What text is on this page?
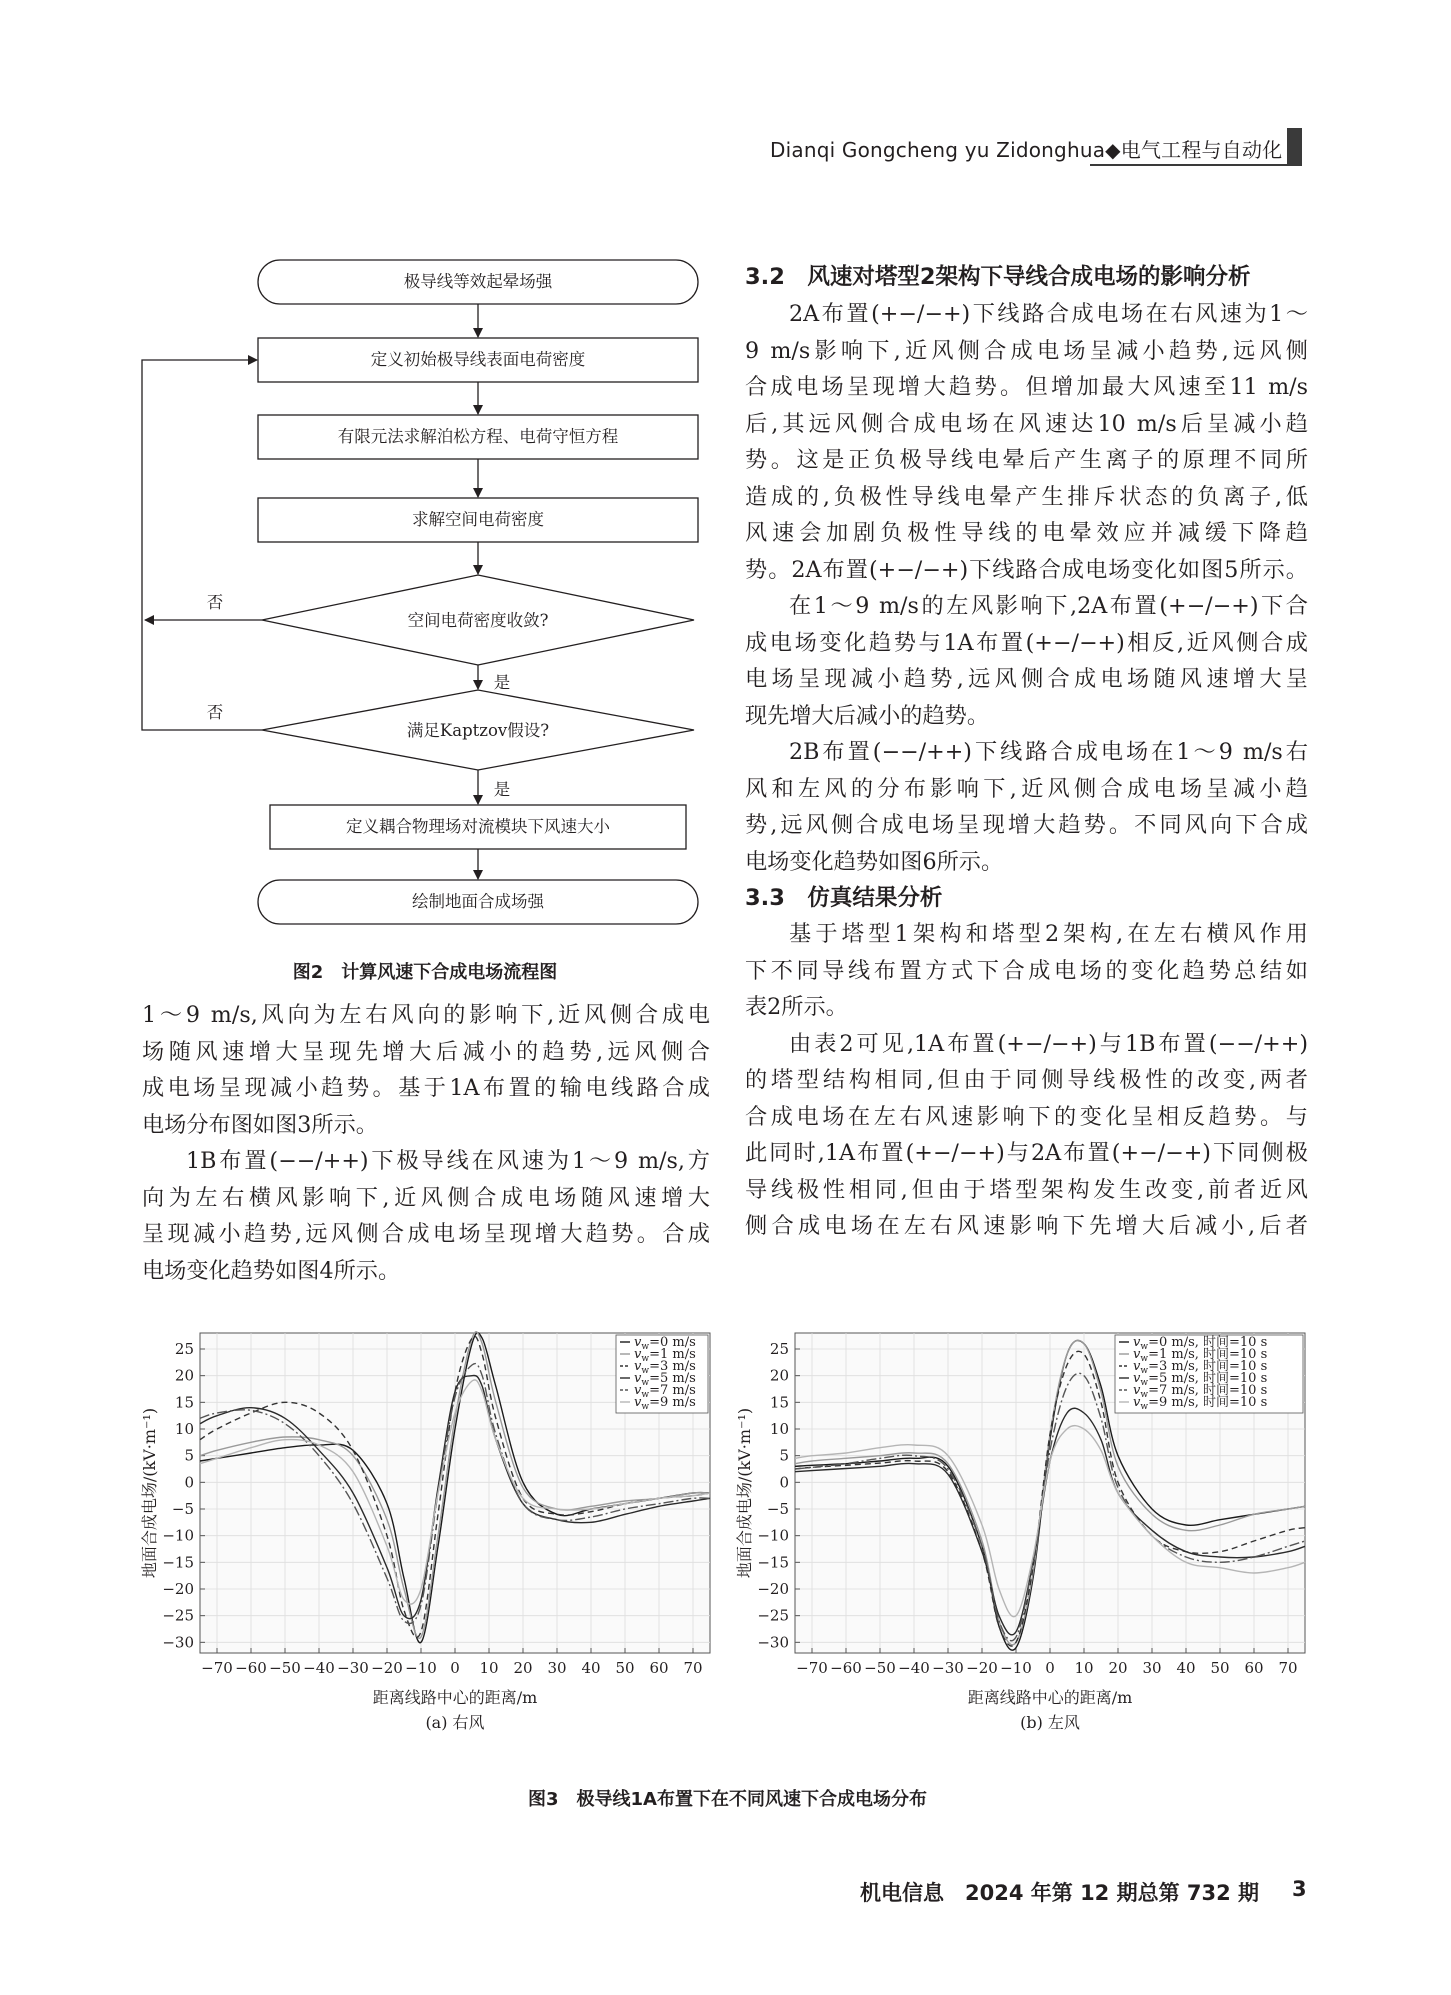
Dianqi Gongcheng yu Zidonghua◆电气工程与自动化
极导线等效起晕场强
定义初始极导线表面电荷密度
有限元法求解泊松方程、电荷守恒方程
求解空间电荷密度
空间电荷密度收敛?
满足Kaptzov假设?
定义耦合物理场对流模块下风速大小
绘制地面合成场强
否
否
是
是
图2　计算风速下合成电场流程图
1～9 m/s,风向为左右风向的影响下,近风侧合成电
场随风速增大呈现先增大后减小的趋势,远风侧合
成电场呈现减小趋势。基于1A布置的输电线路合成
电场分布图如图3所示。
1B布置(−−/++)下极导线在风速为1～9 m/s,方
向为左右横风影响下,近风侧合成电场随风速增大
呈现减小趋势,远风侧合成电场呈现增大趋势。合成
电场变化趋势如图4所示。
3.2　风速对塔型2架构下导线合成电场的影响分析
2A布置(+−/−+)下线路合成电场在右风速为1～
9 m/s影响下,近风侧合成电场呈减小趋势,远风侧
合成电场呈现增大趋势。但增加最大风速至11 m/s
后,其远风侧合成电场在风速达10 m/s后呈减小趋
势。这是正负极导线电晕后产生离子的原理不同所
造成的,负极性导线电晕产生排斥状态的负离子,低
风速会加剧负极性导线的电晕效应并减缓下降趋
势。2A布置(+−/−+)下线路合成电场变化如图5所示。
在1～9 m/s的左风影响下,2A布置(+−/−+)下合
成电场变化趋势与1A布置(+−/−+)相反,近风侧合成
电场呈现减小趋势,远风侧合成电场随风速增大呈
现先增大后减小的趋势。
2B布置(−−/++)下线路合成电场在1～9 m/s右
风和左风的分布影响下,近风侧合成电场呈减小趋
势,远风侧合成电场呈现增大趋势。不同风向下合成
电场变化趋势如图6所示。
3.3　仿真结果分析
基于塔型1架构和塔型2架构,在左右横风作用
下不同导线布置方式下合成电场的变化趋势总结如
表2所示。
由表2可见,1A布置(+−/−+)与1B布置(−−/++)
的塔型结构相同,但由于同侧导线极性的改变,两者
合成电场在左右风速影响下的变化呈相反趋势。与
此同时,1A布置(+−/−+)与2A布置(+−/−+)下同侧极
导线极性相同,但由于塔型架构发生改变,前者近风
侧合成电场在左右风速影响下先增大后减小,后者
−70 −60 −50 −40 −30 −20 −10 0 10 20 30 40 50 60 70
25
20
15
10
5
0
−5
−10
−15
−20
−25
−30
$v_w=0$ m/s
$v_w=1$ m/s
$v_w=3$ m/s
$v_w=5$ m/s
$v_w=7$ m/s
$v_w=9$ m/s
距离线路中心的距离/m
地面合成电场/(kV·m⁻¹)
(a) 右风
−70 −60 −50 −40 −30 −20 −10 0 10 20 30 40 50 60 70
25
20
15
10
5
0
−5
−10
−15
−20
−25
−30
$v_w=0$ m/s, 时间=10 s
$v_w=1$ m/s, 时间=10 s
$v_w=3$ m/s, 时间=10 s
$v_w=5$ m/s, 时间=10 s
$v_w=7$ m/s, 时间=10 s
$v_w=9$ m/s, 时间=10 s
距离线路中心的距离/m
地面合成电场/(kV·m⁻¹)
(b) 左风
图3　极导线1A布置下在不同风速下合成电场分布
机电信息　2024 年第 12 期总第 732 期 3
